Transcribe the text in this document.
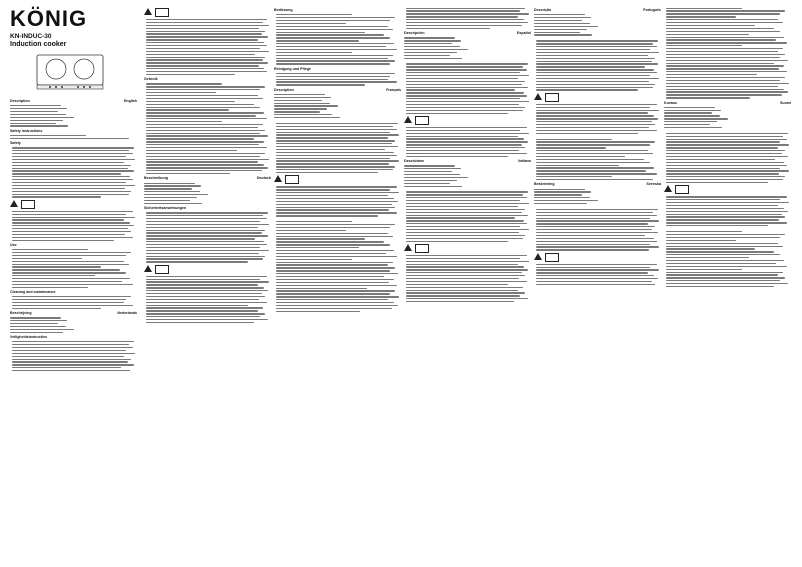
KÖNIG
KN-INDUC-30
Induction cooker
Description	English
Safety instructions
Safety
Use
Cleaning and maintenance
Beschrijving	Nederlands
Veiligheidsinstructies
Gebruik
Beschreibung	Deutsch
Sicherheitsanweisungen
Bedienung
Reinigung und Pflege
Description	Français
Descripción	Español
Descrizione	Italiano
Descrição	Português
Beskrivning	Svenska
Kuvaus	Suomi
